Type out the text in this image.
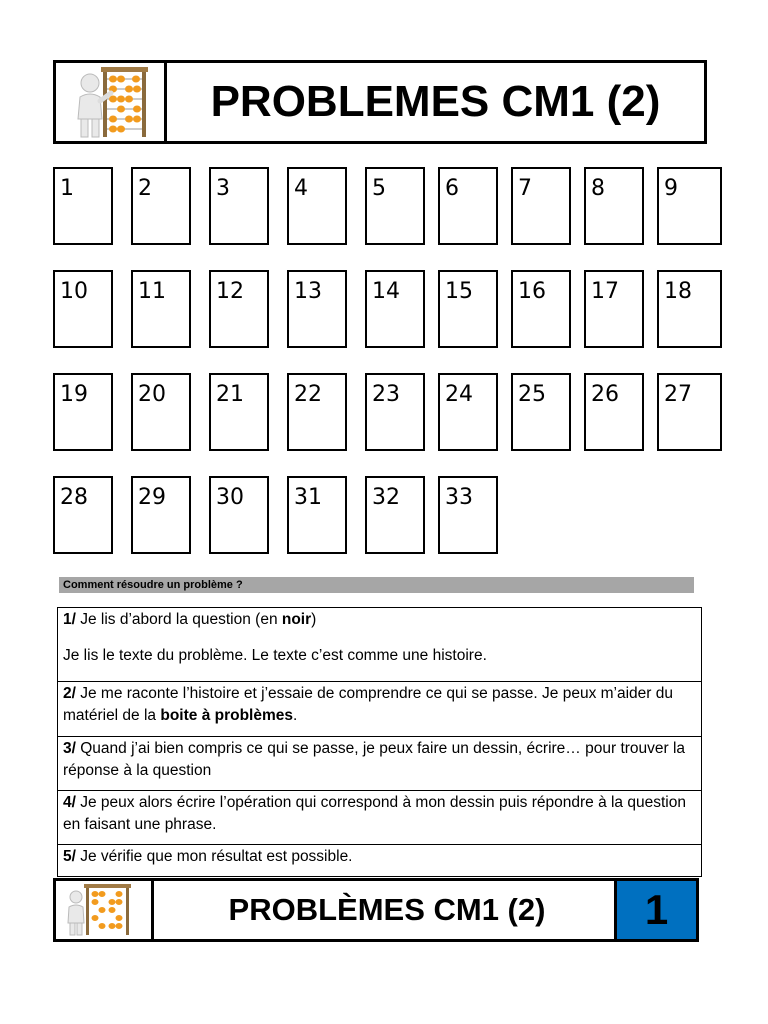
PROBLEMES CM1 (2)
1	2	3	4	5	6	7	8	9
10 11 12 13 14 15 16 17 18
19 20 21 22 23 24 25 26 27
28 29 30 31 32 33
Comment résoudre un problème ?

1/ Je lis d’abord la question (en noir)

Je lis le texte du problème. Le texte c’est comme une histoire.

2/ Je me raconte l’histoire et j’essaie de comprendre ce qui se passe. Je peux m’aider du matériel de la boite à problèmes.

3/ Quand j’ai bien compris ce qui se passe, je peux faire un dessin, écrire… pour trouver la réponse à la question

4/ Je peux alors écrire l’opération qui correspond à mon dessin puis répondre à la question en faisant une phrase.

5/ Je vérifie que mon résultat est possible.

PROBLÈMES CM1 (2)	1
